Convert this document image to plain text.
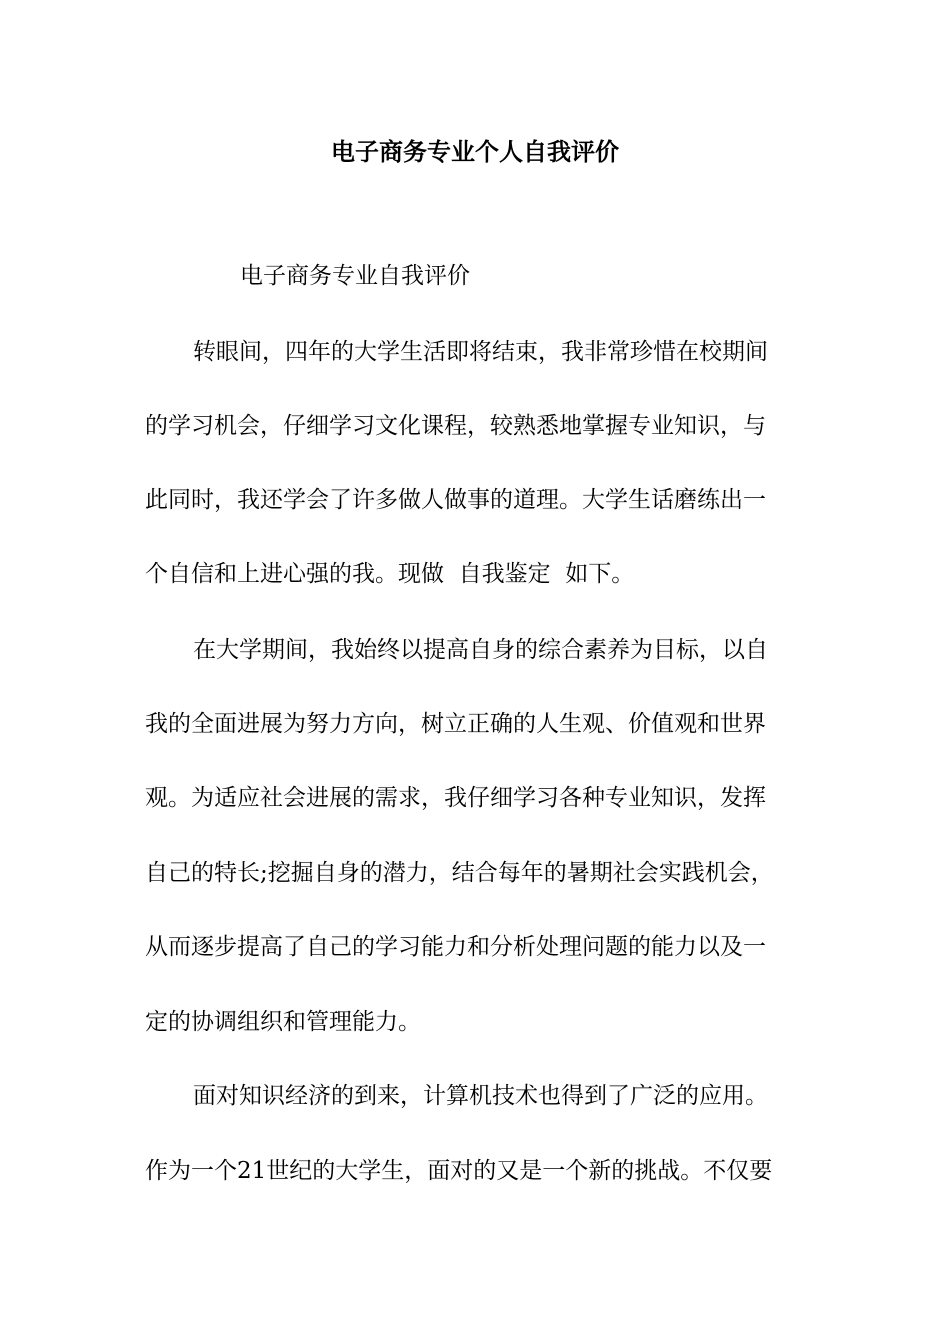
电子商务专业个人自我评价
电子商务专业自我评价
转眼间，四年的大学生活即将结束，我非常珍惜在校期间
的学习机会，仔细学习文化课程，较熟悉地掌握专业知识，与
此同时，我还学会了许多做人做事的道理。大学生话磨练出一
个自信和上进心强的我。现做  自我鉴定  如下。
在大学期间，我始终以提高自身的综合素养为目标，以自
我的全面进展为努力方向，树立正确的人生观、价值观和世界
观。为适应社会进展的需求，我仔细学习各种专业知识，发挥
自己的特长;挖掘自身的潜力，结合每年的暑期社会实践机会，
从而逐步提高了自己的学习能力和分析处理问题的能力以及一
定的协调组织和管理能力。
面对知识经济的到来，计算机技术也得到了广泛的应用。
作为一个21世纪的大学生，面对的又是一个新的挑战。不仅要
